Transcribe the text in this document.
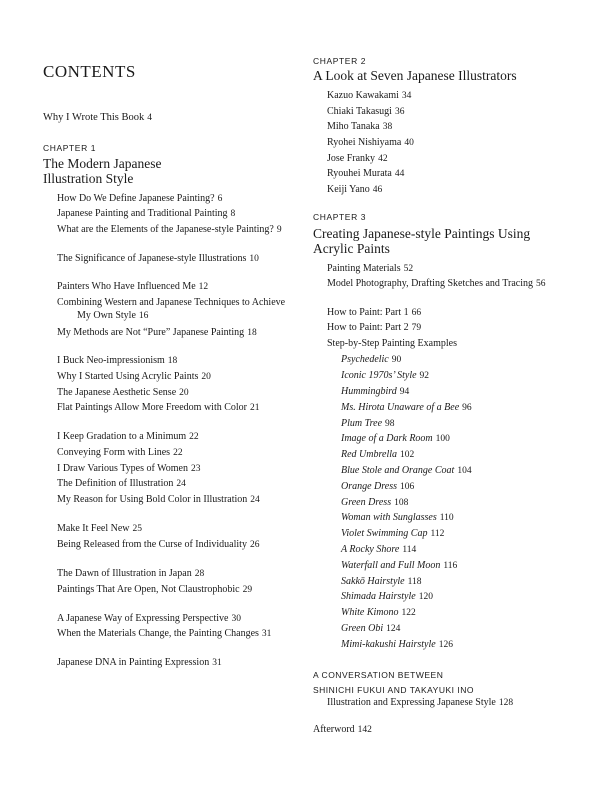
CONTENTS
Why I Wrote This Book 4
CHAPTER 1
The Modern Japanese Illustration Style
How Do We Define Japanese Painting? 6
Japanese Painting and Traditional Painting 8
What are the Elements of the Japanese-style Painting? 9
The Significance of Japanese-style Illustrations 10
Painters Who Have Influenced Me 12
Combining Western and Japanese Techniques to Achieve My Own Style 16
My Methods are Not “Pure” Japanese Painting 18
I Buck Neo-impressionism 18
Why I Started Using Acrylic Paints 20
The Japanese Aesthetic Sense 20
Flat Paintings Allow More Freedom with Color 21
I Keep Gradation to a Minimum 22
Conveying Form with Lines 22
I Draw Various Types of Women 23
The Definition of Illustration 24
My Reason for Using Bold Color in Illustration 24
Make It Feel New 25
Being Released from the Curse of Individuality 26
The Dawn of Illustration in Japan 28
Paintings That Are Open, Not Claustrophobic 29
A Japanese Way of Expressing Perspective 30
When the Materials Change, the Painting Changes 31
Japanese DNA in Painting Expression 31
CHAPTER 2
A Look at Seven Japanese Illustrators
Kazuo Kawakami 34
Chiaki Takasugi 36
Miho Tanaka 38
Ryohei Nishiyama 40
Jose Franky 42
Ryouhei Murata 44
Keiji Yano 46
CHAPTER 3
Creating Japanese-style Paintings Using Acrylic Paints
Painting Materials 52
Model Photography, Drafting Sketches and Tracing 56
How to Paint: Part 1 66
How to Paint: Part 2 79
Step-by-Step Painting Examples
Psychedelic 90
Iconic 1970s’ Style 92
Hummingbird 94
Ms. Hirota Unaware of a Bee 96
Plum Tree 98
Image of a Dark Room 100
Red Umbrella 102
Blue Stole and Orange Coat 104
Orange Dress 106
Green Dress 108
Woman with Sunglasses 110
Violet Swimming Cap 112
A Rocky Shore 114
Waterfall and Full Moon 116
Sakkō Hairstyle 118
Shimada Hairstyle 120
White Kimono 122
Green Obi 124
Mimi-kakushi Hairstyle 126
A CONVERSATION BETWEEN
SHINICHI FUKUI AND TAKAYUKI INO
Illustration and Expressing Japanese Style 128
Afterword 142
